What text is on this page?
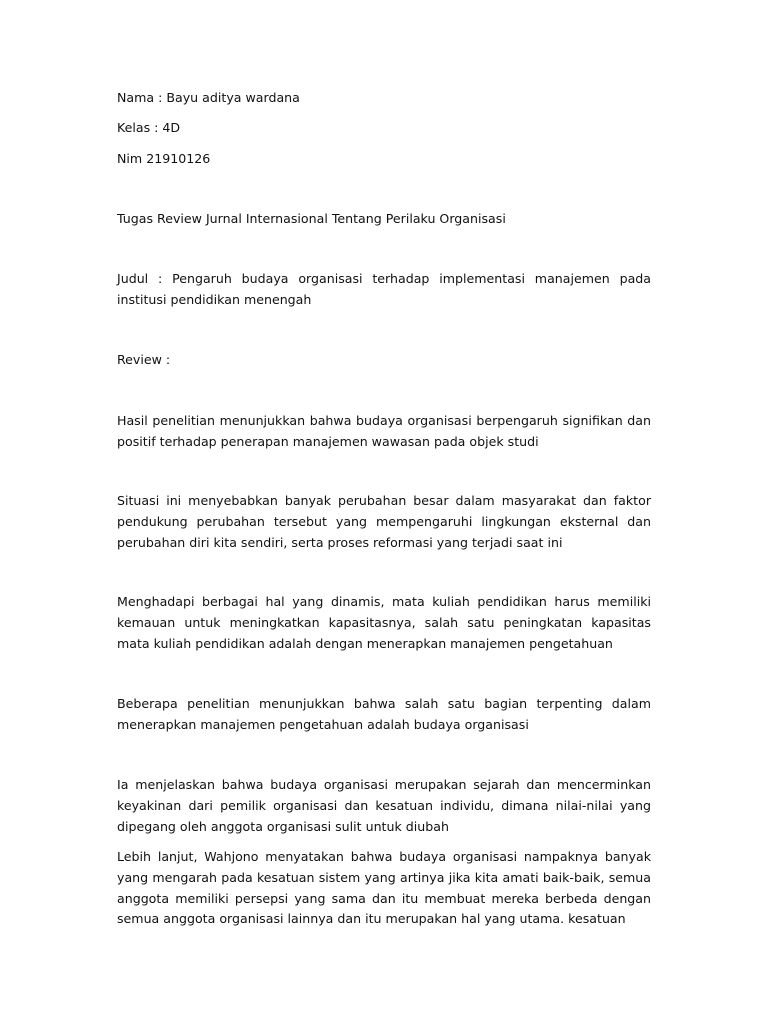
Nama : Bayu aditya wardana

Kelas : 4D

Nim 21910126

Tugas Review Jurnal Internasional Tentang Perilaku Organisasi

Judul : Pengaruh budaya organisasi terhadap implementasi manajemen pada institusi pendidikan menengah

Review :

Hasil penelitian menunjukkan bahwa budaya organisasi berpengaruh signifikan dan positif terhadap penerapan manajemen wawasan pada objek studi

Situasi ini menyebabkan banyak perubahan besar dalam masyarakat dan faktor pendukung perubahan tersebut yang mempengaruhi lingkungan eksternal dan perubahan diri kita sendiri, serta proses reformasi yang terjadi saat ini

Menghadapi berbagai hal yang dinamis, mata kuliah pendidikan harus memiliki kemauan untuk meningkatkan kapasitasnya, salah satu peningkatan kapasitas mata kuliah pendidikan adalah dengan menerapkan manajemen pengetahuan

Beberapa penelitian menunjukkan bahwa salah satu bagian terpenting dalam menerapkan manajemen pengetahuan adalah budaya organisasi

Ia menjelaskan bahwa budaya organisasi merupakan sejarah dan mencerminkan keyakinan dari pemilik organisasi dan kesatuan individu, dimana nilai-nilai yang dipegang oleh anggota organisasi sulit untuk diubah

Lebih lanjut, Wahjono menyatakan bahwa budaya organisasi nampaknya banyak yang mengarah pada kesatuan sistem yang artinya jika kita amati baik-baik, semua anggota memiliki persepsi yang sama dan itu membuat mereka berbeda dengan semua anggota organisasi lainnya dan itu merupakan hal yang utama. kesatuan
